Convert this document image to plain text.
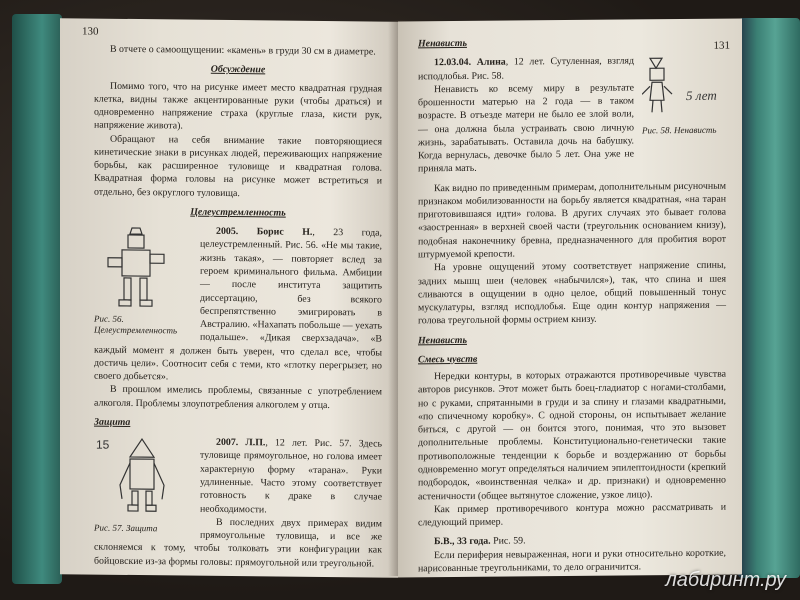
130

В отчете о самоощущении: «камень» в груди 30 см в диаметре.

Обсуждение

Помимо того, что на рисунке имеет место квадратная грудная клетка, видны также акцентированные руки (чтобы драться) и одновременно напряжение страха (круглые глаза, кисти рук, напряжение живота).

Обращают на себя внимание такие повторяющиеся кинетические знаки в рисунках людей, переживающих напряжение борьбы, как расширенное туловище и квадратная голова. Квадратная форма головы на рисунке может встретиться и отдельно, без округлого туловища.

Целеустремленность
Рис. 56. Целеустремленность

2005. Борис Н., 23 года, целеустремленный. Рис. 56. «Не мы такие, жизнь такая», — повторяет вслед за героем криминального фильма. Амбиции — после института защитить диссертацию, без всякого беспрепятственно эмигрировать в Австралию. «Нахапать побольше — уехать подальше». «Дикая сверхзадача». «В каждый момент я должен быть уверен, что сделал все, чтобы достичь цели». Соотносит себя с теми, кто «глотку перегрызет, но своего добьется».

В прошлом имелись проблемы, связанные с употреблением алкоголя. Проблемы злоупотребления алкоголем у отца.

Защита
15
Рис. 57. Защита

2007. Л.П., 12 лет. Рис. 57. Здесь туловище прямоугольное, но голова имеет характерную форму «тарана». Руки удлиненные. Часто этому соответствует готовность к драке в случае необходимости.

В последних двух примерах видим прямоугольные туловища, и все же склоняемся к тому, чтобы толковать эти конфигурации как бойцовские из-за формы головы: прямоугольной или треугольной.

131
Ненависть
5 лет
Рис. 58. Ненависть

12.03.04. Алина, 12 лет. Сутуленная, взгляд исподлобья. Рис. 58.

Ненависть ко всему миру в результате брошенности матерью на 2 года — в таком возрасте. В отъезде матери не было ее злой воли, — она должна была устраивать свою личную жизнь, зарабатывать. Оставила дочь на бабушку. Когда вернулась, девочке было 5 лет. Она уже не приняла мать.

Как видно по приведенным примерам, дополнительным рисуночным признаком мобилизованности на борьбу является квадратная, «на таран приготовившаяся идти» голова. В других случаях это бывает голова «заостренная» в верхней своей части (треугольник основанием книзу), подобная наконечнику бревна, предназначенного для пробития ворот штурмуемой крепости.

На уровне ощущений этому соответствует напряжение спины, задних мышц шеи (человек «набычился»), так, что спина и шея сливаются в ощущении в одно целое, общий повышенный тонус мускулатуры, взгляд исподлобья. Еще один контур напряжения — голова треугольной формы острием книзу.

Ненависть
Смесь чувств

Нередки контуры, в которых отражаются противоречивые чувства авторов рисунков. Этот может быть боец-гладиатор с ногами-столбами, но с руками, спрятанными в груди и за спину и глазами квадратными, «по спичечному коробку». С одной стороны, он испытывает желание биться, с другой — он боится этого, понимая, что это вызовет дополнительные проблемы. Конституционально-генетически такие противоположные тенденции к борьбе и воздержанию от борьбы одновременно могут определяться наличием эпилептоидности (крепкий подбородок, «воинственная челка» и др. признаки) и одновременно астеничности (общее вытянутое сложение, узкое лицо).

Как пример противоречивого контура можно рассматривать и следующий пример.

Б.В., 33 года. Рис. 59.

Если периферия невыраженная, ноги и руки относительно короткие, нарисованные треугольниками, то дело ограничится.

лабиринт.ру
